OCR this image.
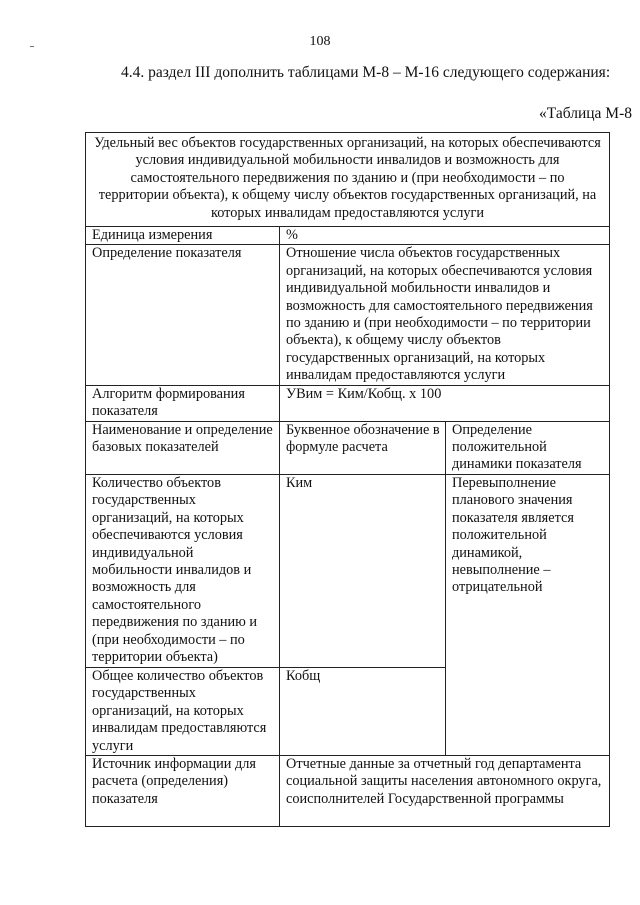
108
4.4. раздел III дополнить таблицами М-8 – М-16 следующего содержания:
«Таблица М-8
Удельный вес объектов государственных организаций, на которых обеспечиваются условия индивидуальной мобильности инвалидов и возможность для самостоятельного передвижения по зданию и (при необходимости – по территории объекта), к общему числу объектов государственных организаций, на которых инвалидам предоставляются услуги		
Единица измерения	%	
Определение показателя	Отношение числа объектов государственных организаций, на которых обеспечиваются условия индивидуальной мобильности инвалидов и возможность для самостоятельного передвижения по зданию и (при необходимости – по территории объекта), к общему числу объектов государственных организаций, на которых инвалидам предоставляются услуги	
Алгоритм формирования показателя	УВим = Ким/Кобщ. х 100	
Наименование и определение базовых показателей	Буквенное обозначение в формуле расчета	Определение положительной динамики показателя
Количество объектов государственных организаций, на которых обеспечиваются условия индивидуальной мобильности инвалидов и возможность для самостоятельного передвижения по зданию и (при необходимости – по территории объекта)	Ким	Перевыполнение планового значения показателя является положительной динамикой, невыполнение – отрицательной
Общее количество объектов государственных организаций, на которых инвалидам предоставляются услуги	Кобщ	
Источник информации для расчета (определения) показателя	Отчетные данные за отчетный год департамента социальной защиты населения автономного округа, соисполнителей Государственной программы	
